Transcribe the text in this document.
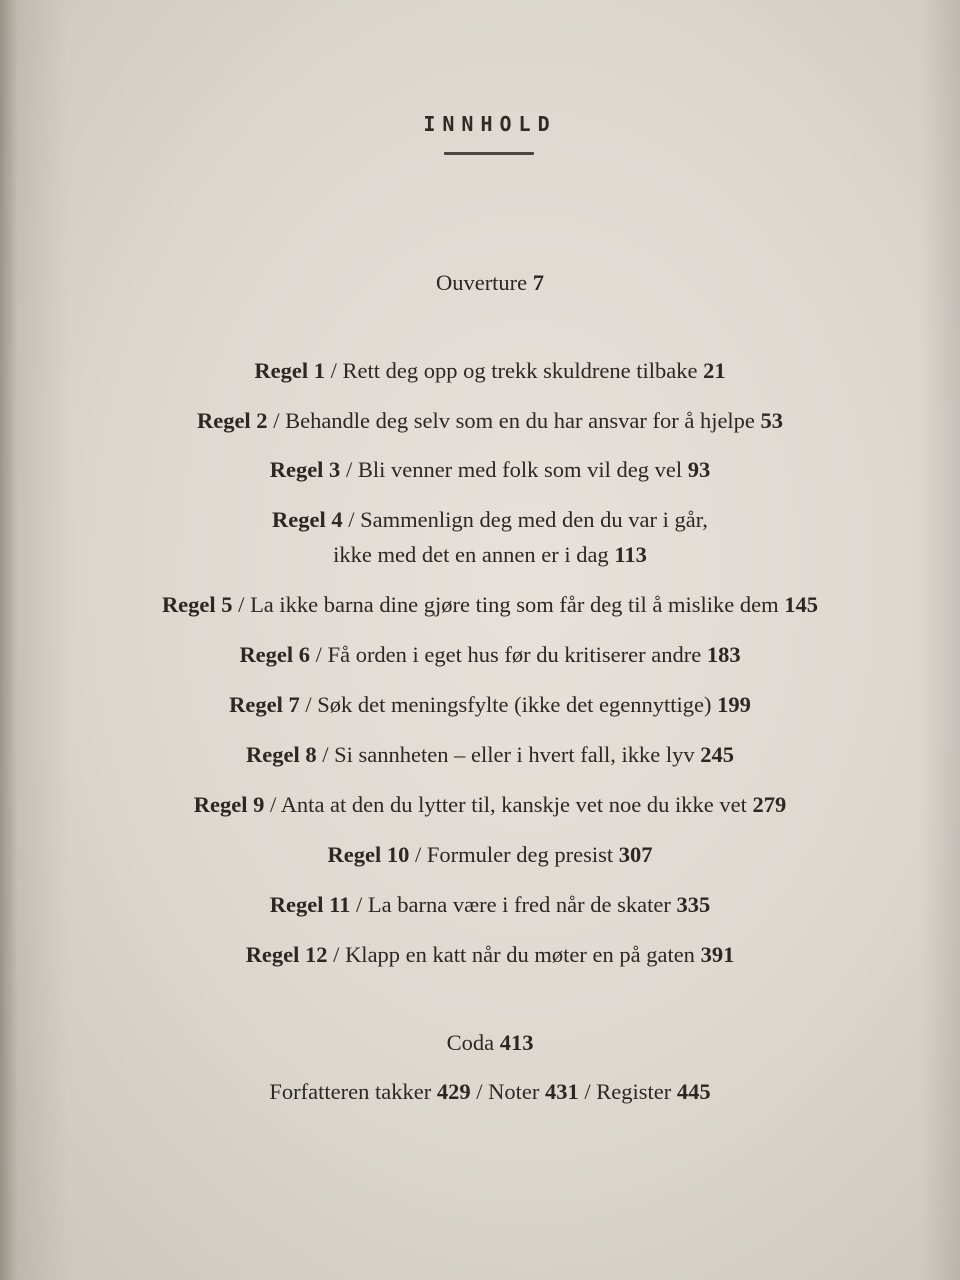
INNHOLD
Ouverture 7
Regel 1 / Rett deg opp og trekk skuldrene tilbake 21
Regel 2 / Behandle deg selv som en du har ansvar for å hjelpe 53
Regel 3 / Bli venner med folk som vil deg vel 93
Regel 4 / Sammenlign deg med den du var i går,
ikke med det en annen er i dag 113
Regel 5 / La ikke barna dine gjøre ting som får deg til å mislike dem 145
Regel 6 / Få orden i eget hus før du kritiserer andre 183
Regel 7 / Søk det meningsfylte (ikke det egennyttige) 199
Regel 8 / Si sannheten – eller i hvert fall, ikke lyv 245
Regel 9 / Anta at den du lytter til, kanskje vet noe du ikke vet 279
Regel 10 / Formuler deg presist 307
Regel 11 / La barna være i fred når de skater 335
Regel 12 / Klapp en katt når du møter en på gaten 391
Coda 413
Forfatteren takker 429 / Noter 431 / Register 445
